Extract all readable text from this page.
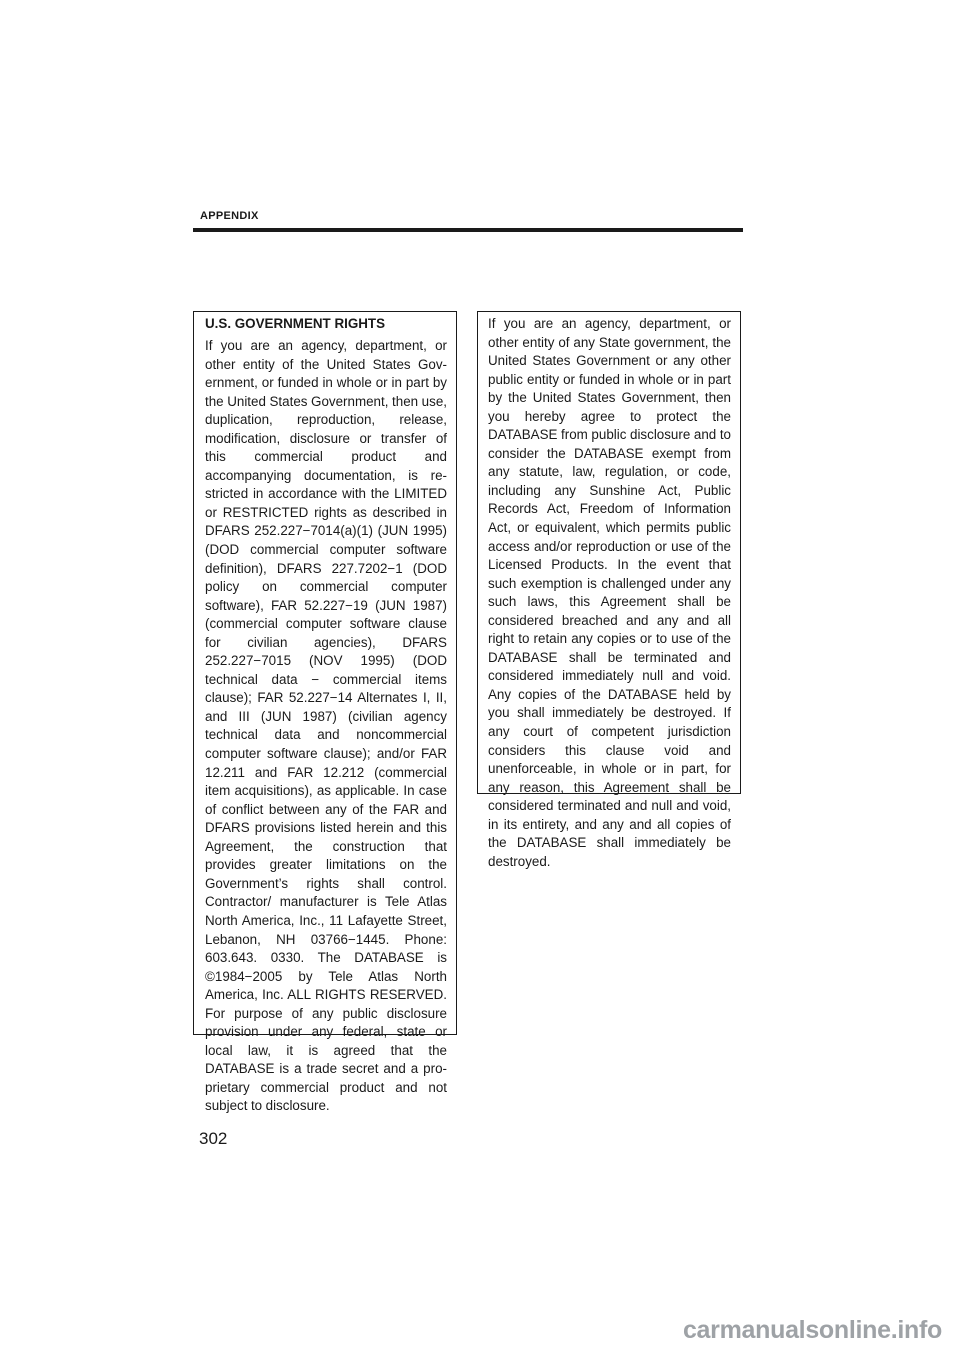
APPENDIX

U.S. GOVERNMENT RIGHTS

If you are an agency, department, or other entity of the United States Government, or funded in whole or in part by the United States Government, then use, duplication, reproduction, release, modification, disclosure or transfer of this commercial product and accompanying documentation, is restricted in accordance with the LIMITED or RESTRICTED rights as described in DFARS 252.227−7014(a)(1) (JUN 1995) (DOD commercial computer software definition), DFARS 227.7202−1 (DOD policy on commercial computer software), FAR 52.227−19 (JUN 1987) (commercial computer software clause for civilian agencies), DFARS 252.227−7015 (NOV 1995) (DOD technical data − commercial items clause); FAR 52.227−14 Alternates I, II, and III (JUN 1987) (civilian agency technical data and noncommercial computer software clause); and/or FAR 12.211 and FAR 12.212 (commercial item acquisitions), as applicable. In case of conflict between any of the FAR and DFARS provisions listed herein and this Agreement, the construction that provides greater limitations on the Government’s rights shall control. Contractor/ manufacturer is Tele Atlas North America, Inc., 11 Lafayette Street, Lebanon, NH 03766−1445. Phone: 603.643. 0330. The DATABASE is ©1984−2005 by Tele Atlas North America, Inc. ALL RIGHTS RESERVED. For purpose of any public disclosure provision under any federal, state or local law, it is agreed that the DATABASE is a trade secret and a proprietary commercial product and not subject to disclosure.

If you are an agency, department, or other entity of any State government, the United States Government or any other public entity or funded in whole or in part by the United States Government, then you hereby agree to protect the DATABASE from public disclosure and to consider the DATABASE exempt from any statute, law, regulation, or code, including any Sunshine Act, Public Records Act, Freedom of Information Act, or equivalent, which permits public access and/or reproduction or use of the Licensed Products. In the event that such exemption is challenged under any such laws, this Agreement shall be considered breached and any and all right to retain any copies or to use of the DATABASE shall be terminated and considered immediately null and void. Any copies of the DATABASE held by you shall immediately be destroyed. If any court of competent jurisdiction considers this clause void and unenforceable, in whole or in part, for any reason, this Agreement shall be considered terminated and null and void, in its entirety, and any and all copies of the DATABASE shall immediately be destroyed.

302
carmanualsonline.info
